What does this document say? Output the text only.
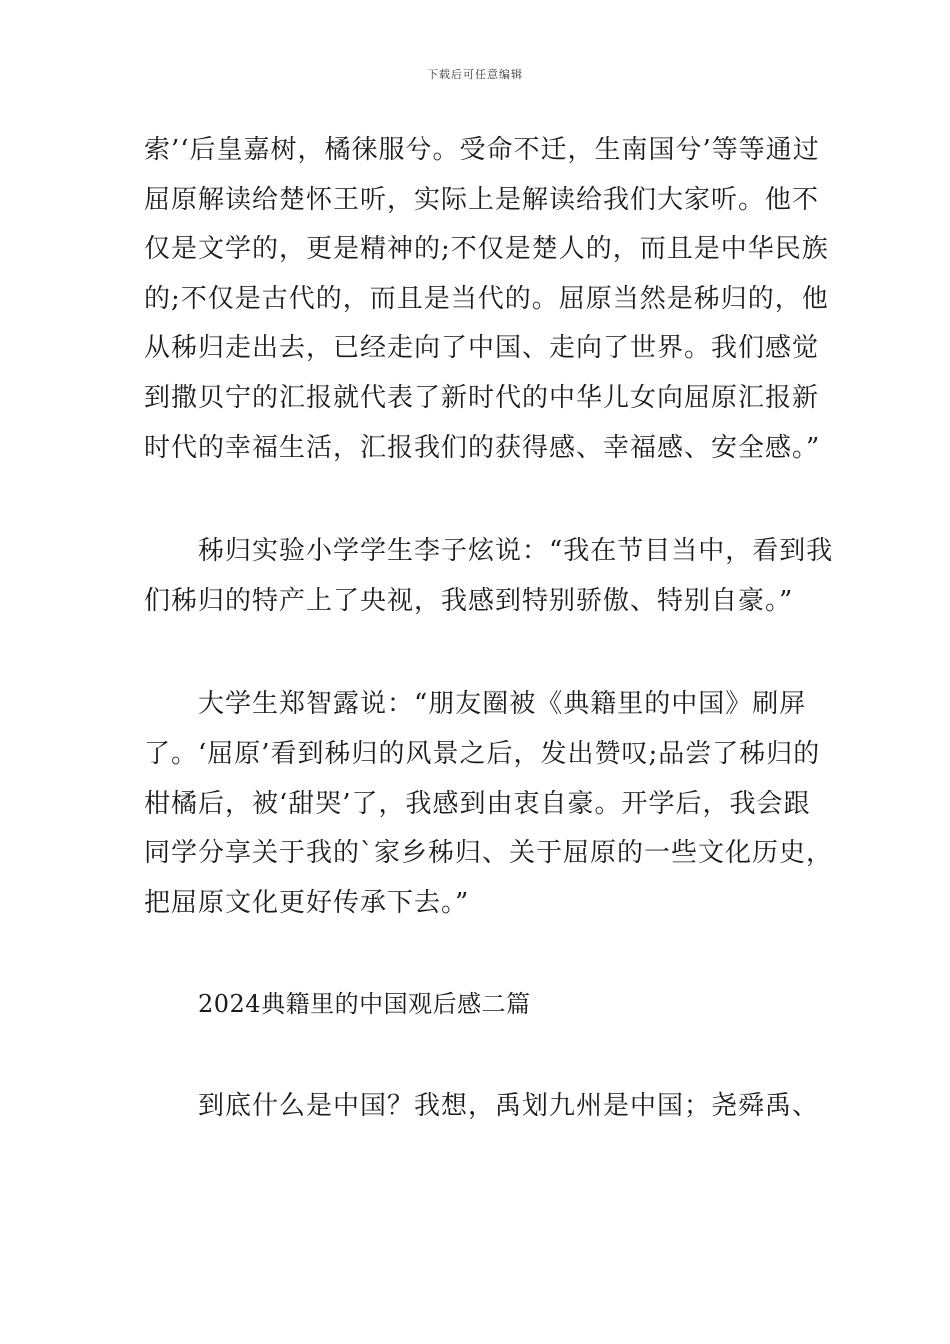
下载后可任意编辑

索’‘后皇嘉树，橘徕服兮。受命不迁，生南国兮’等等通过屈原解读给楚怀王听，实际上是解读给我们大家听。他不仅是文学的，更是精神的;不仅是楚人的，而且是中华民族的;不仅是古代的，而且是当代的。屈原当然是秭归的，他从秭归走出去，已经走向了中国、走向了世界。我们感觉到撒贝宁的汇报就代表了新时代的中华儿女向屈原汇报新时代的幸福生活，汇报我们的获得感、幸福感、安全感。”

秭归实验小学学生李子炫说：“我在节目当中，看到我们秭归的特产上了央视，我感到特别骄傲、特别自豪。”

大学生郑智露说：“朋友圈被《典籍里的中国》刷屏了。‘屈原’看到秭归的风景之后，发出赞叹;品尝了秭归的柑橘后，被‘甜哭’了，我感到由衷自豪。开学后，我会跟同学分享关于我的`家乡秭归、关于屈原的一些文化历史，把屈原文化更好传承下去。”

2024典籍里的中国观后感二篇

到底什么是中国？我想，禹划九州是中国；尧舜禹、
